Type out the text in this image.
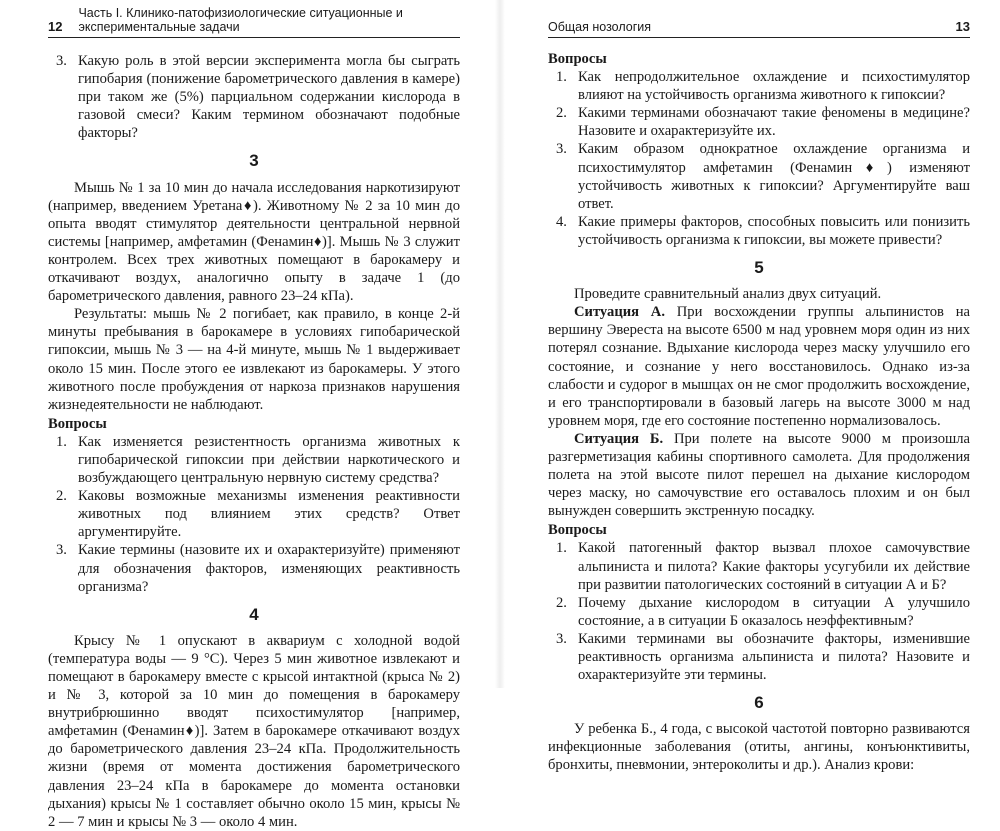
12
Часть I. Клинико-патофизиологические ситуационные и экспериментальные задачи
3. Какую роль в этой версии эксперимента могла бы сыграть гипобария (понижение барометрического давления в камере) при таком же (5%) парциальном содержании кислорода в газовой смеси? Каким термином обозначают подобные факторы?
3

Мышь № 1 за 10 мин до начала исследования наркотизируют (например, введением Уретана♦). Животному № 2 за 10 мин до опыта вводят стимулятор деятельности центральной нервной системы [например, амфетамин (Фенамин♦)]. Мышь № 3 служит контролем. Всех трех животных помещают в барокамеру и откачивают воздух, аналогично опыту в задаче 1 (до барометрического давления, равного 23–24 кПа).

Результаты: мышь № 2 погибает, как правило, в конце 2-й минуты пребывания в барокамере в условиях гипобарической гипоксии, мышь № 3 — на 4-й минуте, мышь № 1 выдерживает около 15 мин. После этого ее извлекают из барокамеры. У этого животного после пробуждения от наркоза признаков нарушения жизнедеятельности не наблюдают.

Вопросы
1. Как изменяется резистентность организма животных к гипобарической гипоксии при действии наркотического и возбуждающего центральную нервную систему средства?
2. Каковы возможные механизмы изменения реактивности животных под влиянием этих средств? Ответ аргументируйте.
3. Какие термины (назовите их и охарактеризуйте) применяют для обозначения факторов, изменяющих реактивность организма?
4

Крысу № 1 опускают в аквариум с холодной водой (температура воды — 9 °С). Через 5 мин животное извлекают и помещают в барокамеру вместе с крысой интактной (крыса № 2) и № 3, которой за 10 мин до помещения в барокамеру внутрибрюшинно вводят психостимулятор [например, амфетамин (Фенамин♦)]. Затем в барокамере откачивают воздух до барометрического давления 23–24 кПа. Продолжительность жизни (время от момента достижения барометрического давления 23–24 кПа в барокамере до момента остановки дыхания) крысы № 1 составляет обычно около 15 мин, крысы № 2 — 7 мин и крысы № 3 — около 4 мин.

Общая нозология	13
Вопросы
1. Как непродолжительное охлаждение и психостимулятор влияют на устойчивость организма животного к гипоксии?
2. Какими терминами обозначают такие феномены в медицине? Назовите и охарактеризуйте их.
3. Каким образом однократное охлаждение организма и психостимулятор амфетамин (Фенамин♦) изменяют устойчивость животных к гипоксии? Аргументируйте ваш ответ.
4. Какие примеры факторов, способных повысить или понизить устойчивость организма к гипоксии, вы можете привести?
5

Проведите сравнительный анализ двух ситуаций.

Ситуация А. При восхождении группы альпинистов на вершину Эвереста на высоте 6500 м над уровнем моря один из них потерял сознание. Вдыхание кислорода через маску улучшило его состояние, и сознание у него восстановилось. Однако из-за слабости и судорог в мышцах он не смог продолжить восхождение, и его транспортировали в базовый лагерь на высоте 3000 м над уровнем моря, где его состояние постепенно нормализовалось.

Ситуация Б. При полете на высоте 9000 м произошла разгерметизация кабины спортивного самолета. Для продолжения полета на этой высоте пилот перешел на дыхание кислородом через маску, но самочувствие его оставалось плохим и он был вынужден совершить экстренную посадку.

Вопросы
1. Какой патогенный фактор вызвал плохое самочувствие альпиниста и пилота? Какие факторы усугубили их действие при развитии патологических состояний в ситуации А и Б?
2. Почему дыхание кислородом в ситуации А улучшило состояние, а в ситуации Б оказалось неэффективным?
3. Какими терминами вы обозначите факторы, изменившие реактивность организма альпиниста и пилота? Назовите и охарактеризуйте эти термины.
6

У ребенка Б., 4 года, с высокой частотой повторно развиваются инфекционные заболевания (отиты, ангины, конъюнктивиты, бронхиты, пневмонии, энтероколиты и др.). Анализ крови:
